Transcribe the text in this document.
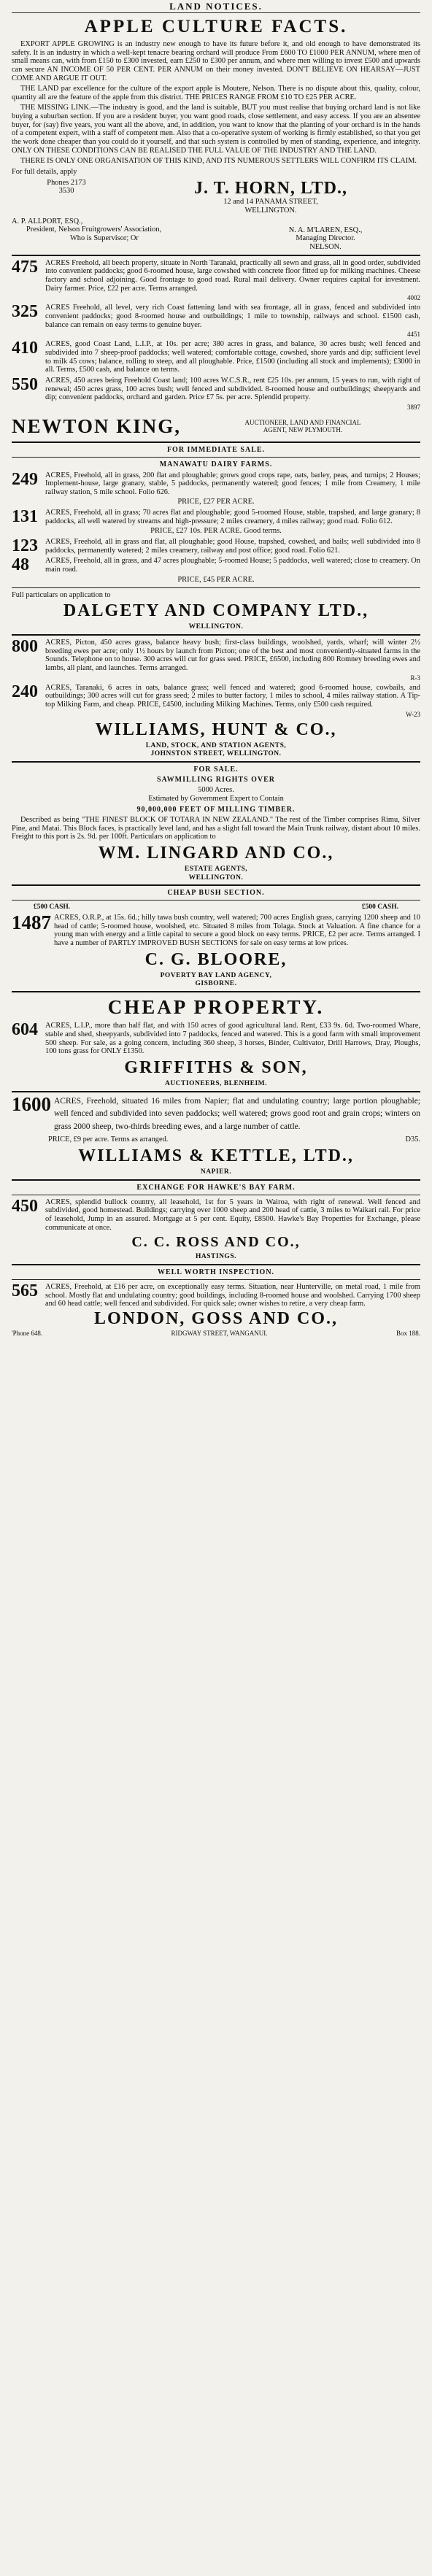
LAND NOTICES.
APPLE CULTURE FACTS.

EXPORT APPLE GROWING is an industry new enough to have its future before it, and old enough to have demonstrated its safety. It is an industry in which a well-kept tenacre bearing orchard will produce From £600 TO £1000 PER ANNUM, where men of small means can, with from £150 to £300 invested, earn £250 to £300 per annum, and where men willing to invest £500 and upwards can secure AN INCOME OF 50 PER CENT. PER ANNUM on their money invested. DON'T BELIEVE ON HEARSAY—JUST COME AND ARGUE IT OUT.

THE LAND par excellence for the culture of the export apple is Moutere, Nelson. There is no dispute about this, quality, colour, quantity all are the feature of the apple from this district. THE PRICES RANGE FROM £10 TO £25 PER ACRE.

THE MISSING LINK.—The industry is good, and the land is suitable, BUT you must realise that buying orchard land is not like buying a suburban section. If you are a resident buyer, you want good roads, close settlement, and easy access. If you are an absentee buyer, for (say) five years, you want all the above, and, in addition, you want to know that the planting of your orchard is in the hands of a competent expert, with a staff of competent men. Also that a co-operative system of working is firmly established, so that you get the work done cheaper than you could do it yourself, and that such system is controlled by men of standing, experience, and integrity. ONLY ON THESE CONDITIONS CAN BE REALISED THE FULL VALUE OF THE INDUSTRY AND THE LAND.

THERE IS ONLY ONE ORGANISATION OF THIS KIND, AND ITS NUMEROUS SETTLERS WILL CONFIRM ITS CLAIM.

For full details, apply

Phones 2173
3530	J. T. HORN, LTD.,
12 and 14 PANAMA STREET,
WELLINGTON.
A. P. ALLPORT, ESQ.,
President, Nelson Fruitgrowers' Association,
Who is Supervisor; Or
N. A. M'LAREN, ESQ.,
Managing Director.
NELSON.
475 ACRES Freehold, all beech property, situate in North Taranaki, practically all sewn and grass, all in good order, subdivided into convenient paddocks; good 6-roomed house, large cowshed with concrete floor fitted up for milking machines. Cheese factory and school adjoining. Good frontage to good road. Rural mail delivery. Owner requires capital for investment. Dairy farmer. Price, £22 per acre. Terms arranged.
4002
325 ACRES Freehold, all level, very rich Coast fattening land with sea frontage, all in grass, fenced and subdivided into convenient paddocks; good 8-roomed house and outbuildings; 1 mile to township, railways and school. £1500 cash, balance can remain on easy terms to genuine buyer.
4451
410 ACRES, good Coast Land, L.I.P., at 10s. per acre; 380 acres in grass, and balance, 30 acres bush; well fenced and subdivided into 7 sheep-proof paddocks; well watered; comfortable cottage, cowshed, shore yards and dip; sufficient level to milk 45 cows; balance, rolling to steep, and all ploughable. Price, £1500 (including all stock and implements); £3000 in all. Terms, £500 cash, and balance on terms.
550 ACRES, 450 acres being Freehold Coast land; 100 acres W.C.S.R., rent £25 10s. per annum, 15 years to run, with right of renewal; 450 acres grass, 100 acres bush; well fenced and subdivided. 8-roomed house and outbuildings; sheepyards and dip; convenient paddocks, orchard and garden. Price £7 5s. per acre. Splendid property.
3897
NEWTON KING,	AUCTIONEER, LAND AND FINANCIAL
AGENT, NEW PLYMOUTH.
FOR IMMEDIATE SALE.
MANAWATU DAIRY FARMS.
249 ACRES, Freehold, all in grass, 200 flat and ploughable; grows good crops rape, oats, barley, peas, and turnips; 2 Houses; Implement-house, large granary, stable, 5 paddocks, permanently watered; good fences; 1 mile from Creamery, 1 mile railway station, 5 mile school. Folio 626.
PRICE, £27 PER ACRE.
131 ACRES, Freehold, all in grass; 70 acres flat and ploughable; good 5-roomed House, stable, trapshed, and large granary; 8 paddocks, all well watered by streams and high-pressure; 2 miles creamery, 4 miles railway; good road. Folio 612.
PRICE, £27 10s. PER ACRE. Good terms.
123 ACRES, Freehold, all in grass and flat, all ploughable; good House, trapshed, cowshed, and bails; well subdivided into 8 paddocks, permanently watered; 2 miles creamery, railway and post office; good road. Folio 621.
48	ACRES, Freehold, all in grass, and 47 acres ploughable; 5-roomed House; 5 paddocks, well watered; close to creamery. On main road.
PRICE, £45 PER ACRE.

Full particulars on application to

DALGETY AND COMPANY LTD.,
WELLINGTON.
800 ACRES, Picton, 450 acres grass, balance heavy bush; first-class buildings, woolshed, yards, wharf; will winter 2½ breeding ewes per acre; only 1½ hours by launch from Picton; one of the best and most conveniently-situated farms in the Sounds. Telephone on to house. 300 acres will cut for grass seed. PRICE, £6500, including 800 Romney breeding ewes and lambs, all plant, and launches. Terms arranged.
R-3
240 ACRES, Taranaki, 6 acres in oats, balance grass; well fenced and watered; good 6-roomed house, cowbails, and outbuildings; 300 acres will cut for grass seed; 2 miles to butter factory, 1 miles to school, 4 miles railway station. A Tip-top Milking Farm, and cheap. PRICE, £4500, including Milking Machines. Terms, only £500 cash required.
W-23
WILLIAMS, HUNT & CO.,
LAND, STOCK, AND STATION AGENTS,
JOHNSTON STREET, WELLINGTON.
FOR SALE.
SAWMILLING RIGHTS OVER
5000 Acres.
Estimated by Government Expert to Contain
90,000,000 FEET OF MILLING TIMBER.

Described as being "THE FINEST BLOCK OF TOTARA IN NEW ZEALAND." The rest of the Timber comprises Rimu, Silver Pine, and Matai. This Block faces, is practically level land, and has a slight fall toward the Main Trunk railway, distant about 10 miles. Freight to this port is 2s. 9d. per 100ft. Particulars on application to

WM. LINGARD AND CO.,
ESTATE AGENTS,
WELLINGTON.
CHEAP BUSH SECTION.
£500 CASH.	£500 CASH.
1487 ACRES, O.R.P., at 15s. 6d.; hilly tawa bush country, well watered; 700 acres English grass, carrying 1200 sheep and 10 head of cattle; 5-roomed house, woolshed, etc. Situated 8 miles from Tolaga. Stock at Valuation. A fine chance for a young man with energy and a little capital to secure a good block on easy terms. PRICE, £2 per acre. Terms arranged. I have a number of PARTLY IMPROVED BUSH SECTIONS for sale on easy terms at low prices.
C. G. BLOORE,
POVERTY BAY LAND AGENCY,
GISBORNE.
CHEAP PROPERTY.
604 ACRES, L.I.P., more than half flat, and with 150 acres of good agricultural land. Rent, £33 9s. 6d. Two-roomed Whare, stable and shed, sheepyards, subdivided into 7 paddocks, fenced and watered. This is a good farm with small improvement 500 sheep. For sale, as a going concern, including 360 sheep, 3 horses, Binder, Cultivator, Drill Harrows, Dray, Ploughs, 100 tons grass for ONLY £1350.
GRIFFITHS & SON,
AUCTIONEERS, BLENHEIM.
1600 ACRES, Freehold, situated 16 miles from Napier; flat and undulating country; large portion ploughable; well fenced and subdivided into seven paddocks; well watered; grows good root and grain crops; winters on grass 2000 sheep, two-thirds breeding ewes, and a large number of cattle.
PRICE, £9 per acre. Terms as arranged.	D35.
WILLIAMS & KETTLE, LTD.,
NAPIER.
EXCHANGE FOR HAWKE'S BAY FARM.
450 ACRES, splendid bullock country, all leasehold, 1st for 5 years in Wairoa, with right of renewal. Well fenced and subdivided, good homestead. Buildings; carrying over 1000 sheep and 200 head of cattle, 3 miles to Waikari rail. For price of leasehold, Jump in an assured. Mortgage at 5 per cent. Equity, £8500. Hawke's Bay Properties for Exchange, please communicate at once.
C. C. ROSS AND CO.,
HASTINGS.
WELL WORTH INSPECTION.
565 ACRES, Freehold, at £16 per acre, on exceptionally easy terms. Situation, near Hunterville, on metal road, 1 mile from school. Mostly flat and undulating country; good buildings, including 8-roomed house and woolshed. Carrying 1700 sheep and 60 head cattle; well fenced and subdivided. For quick sale; owner wishes to retire, a very cheap farm.
LONDON, GOSS AND CO.,
'Phone 648.	RIDGWAY STREET, WANGANUI.	Box 188.
